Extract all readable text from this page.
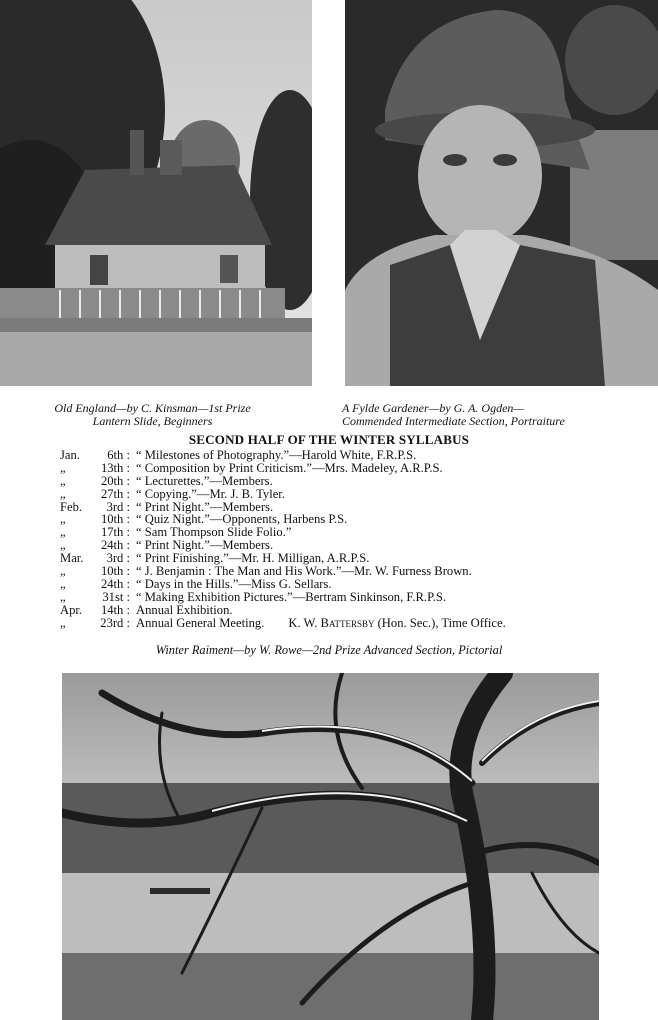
Old England—by C. Kinsman—1st Prize
Lantern Slide, Beginners
A Fylde Gardener—by G. A. Ogden—
Commended Intermediate Section, Portraiture
SECOND HALF OF THE WINTER SYLLABUS
Jan.	6th : “ Milestones of Photography.”—Harold White, F.R.P.S.
„	13th : “ Composition by Print Criticism.”—Mrs. Madeley, A.R.P.S.
„	20th : “ Lecturettes.”—Members.
„	27th : “ Copying.”—Mr. J. B. Tyler.
Feb.	3rd : “ Print Night.”—Members.
„	10th : “ Quiz Night.”—Opponents, Harbens P.S.
„	17th : “ Sam Thompson Slide Folio.”
„	24th : “ Print Night.”—Members.
Mar.	3rd : “ Print Finishing.”—Mr. H. Milligan, A.R.P.S.
„	10th : “ J. Benjamin : The Man and His Work.”—Mr. W. Furness Brown.
„	24th : “ Days in the Hills.”—Miss G. Sellars.
„	31st : “ Making Exhibition Pictures.”—Bertram Sinkinson, F.R.P.S.
Apr.	14th : Annual Exhibition.
„	23rd : Annual General Meeting. K. W. Battersby (Hon. Sec.), Time Office.
Winter Raiment—by W. Rowe—2nd Prize Advanced Section, Pictorial
